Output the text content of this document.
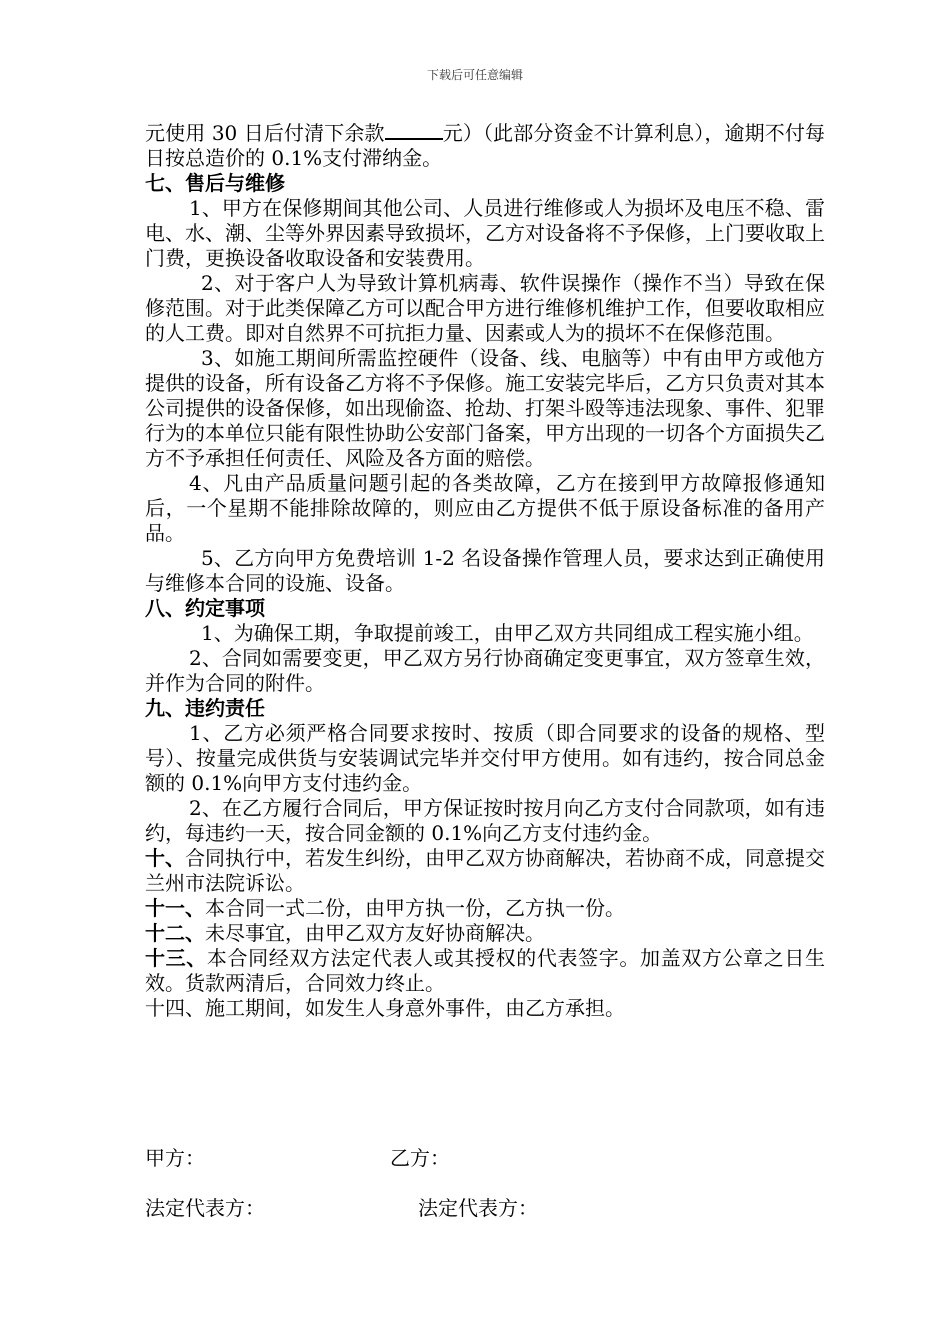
下载后可任意编辑

元使用 30 日后付清下余款	元）（此部分资金不计算利息），逾期不付每日按总造价的 0.1%支付滞纳金。

七、售后与维修

1、甲方在保修期间其他公司、人员进行维修或人为损坏及电压不稳、雷电、水、潮、尘等外界因素导致损坏，乙方对设备将不予保修，上门要收取上门费，更换设备收取设备和安装费用。

2、对于客户人为导致计算机病毒、软件误操作（操作不当）导致在保修范围。对于此类保障乙方可以配合甲方进行维修机维护工作，但要收取相应的人工费。即对自然界不可抗拒力量、因素或人为的损坏不在保修范围。

3、如施工期间所需监控硬件（设备、线、电脑等）中有由甲方或他方提供的设备，所有设备乙方将不予保修。施工安装完毕后，乙方只负责对其本公司提供的设备保修，如出现偷盗、抢劫、打架斗殴等违法现象、事件、犯罪行为的本单位只能有限性协助公安部门备案，甲方出现的一切各个方面损失乙方不予承担任何责任、风险及各方面的赔偿。

4、凡由产品质量问题引起的各类故障，乙方在接到甲方故障报修通知后，一个星期不能排除故障的，则应由乙方提供不低于原设备标准的备用产品。

5、乙方向甲方免费培训 1-2 名设备操作管理人员，要求达到正确使用与维修本合同的设施、设备。

八、约定事项

1、为确保工期，争取提前竣工，由甲乙双方共同组成工程实施小组。

2、合同如需要变更，甲乙双方另行协商确定变更事宜，双方签章生效，并作为合同的附件。

九、违约责任

1、乙方必须严格合同要求按时、按质（即合同要求的设备的规格、型号）、按量完成供货与安装调试完毕并交付甲方使用。如有违约，按合同总金额的 0.1%向甲方支付违约金。

2、在乙方履行合同后，甲方保证按时按月向乙方支付合同款项，如有违约，每违约一天，按合同金额的 0.1%向乙方支付违约金。

十、合同执行中，若发生纠纷，由甲乙双方协商解决，若协商不成，同意提交兰州市法院诉讼。

十一、本合同一式二份，由甲方执一份，乙方执一份。

十二、未尽事宜，由甲乙双方友好协商解决。

十三、本合同经双方法定代表人或其授权的代表签字。加盖双方公章之日生效。货款两清后，合同效力终止。

十四、施工期间，如发生人身意外事件，由乙方承担。

甲方：	乙方：
法定代表方：	法定代表方：
